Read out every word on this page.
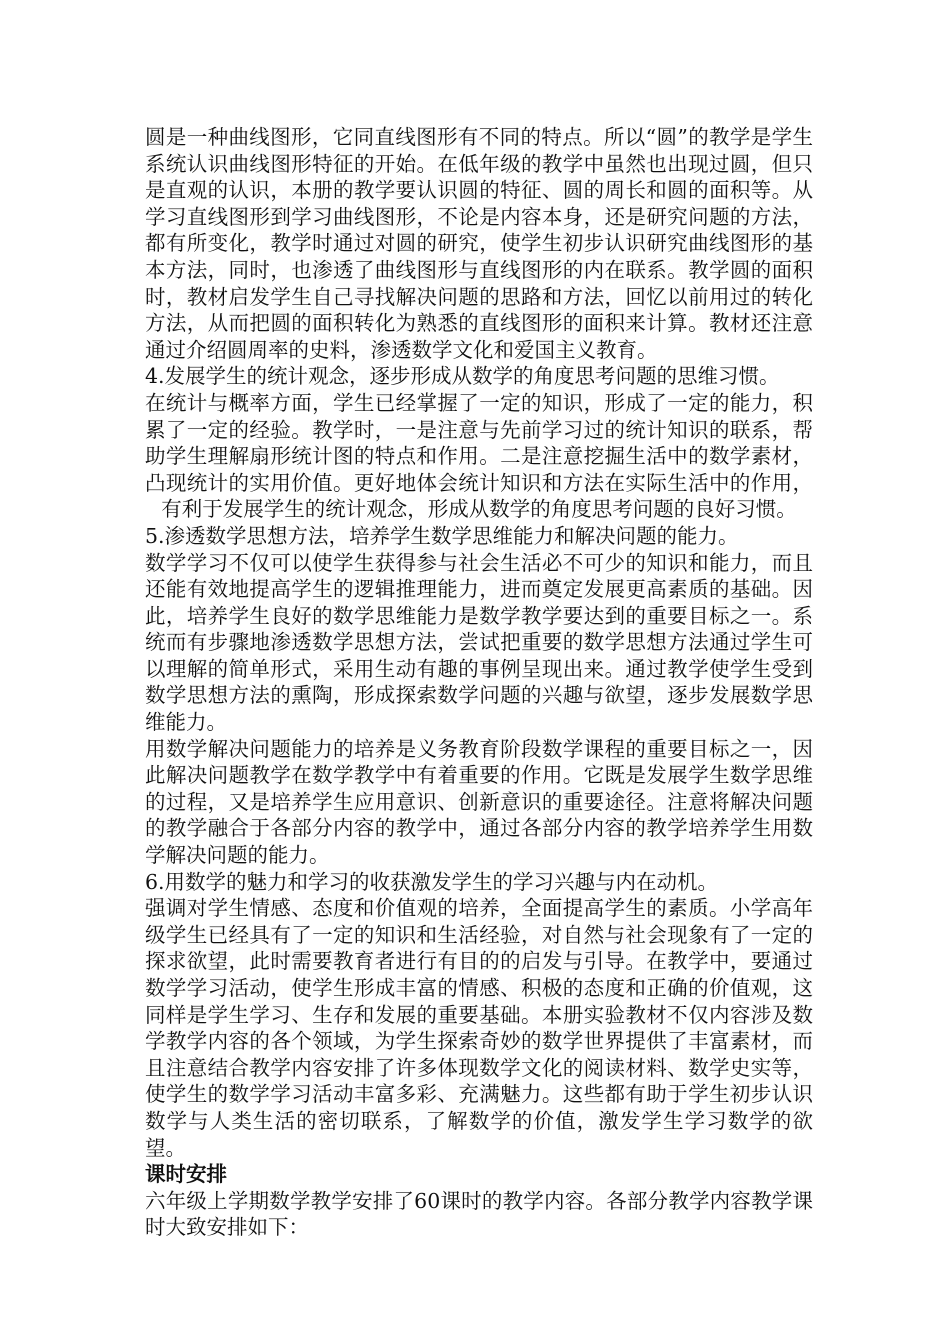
圆是一种曲线图形，它同直线图形有不同的特点。所以“圆”的教学是学生系统认识曲线图形特征的开始。在低年级的教学中虽然也出现过圆，但只是直观的认识，本册的教学要认识圆的特征、圆的周长和圆的面积等。从学习直线图形到学习曲线图形，不论是内容本身，还是研究问题的方法，都有所变化，教学时通过对圆的研究，使学生初步认识研究曲线图形的基本方法，同时，也渗透了曲线图形与直线图形的内在联系。教学圆的面积时，教材启发学生自己寻找解决问题的思路和方法，回忆以前用过的转化方法，从而把圆的面积转化为熟悉的直线图形的面积来计算。教材还注意通过介绍圆周率的史料，渗透数学文化和爱国主义教育。

4.发展学生的统计观念，逐步形成从数学的角度思考问题的思维习惯。

在统计与概率方面，学生已经掌握了一定的知识，形成了一定的能力，积累了一定的经验。教学时，一是注意与先前学习过的统计知识的联系，帮助学生理解扇形统计图的特点和作用。二是注意挖掘生活中的数学素材，凸现统计的实用价值。更好地体会统计知识和方法在实际生活中的作用，有利于发展学生的统计观念，形成从数学的角度思考问题的良好习惯。

5.渗透数学思想方法，培养学生数学思维能力和解决问题的能力。

数学学习不仅可以使学生获得参与社会生活必不可少的知识和能力，而且还能有效地提高学生的逻辑推理能力，进而奠定发展更高素质的基础。因此，培养学生良好的数学思维能力是数学教学要达到的重要目标之一。系统而有步骤地渗透数学思想方法，尝试把重要的数学思想方法通过学生可以理解的简单形式，采用生动有趣的事例呈现出来。通过教学使学生受到数学思想方法的熏陶，形成探索数学问题的兴趣与欲望，逐步发展数学思维能力。

用数学解决问题能力的培养是义务教育阶段数学课程的重要目标之一，因此解决问题教学在数学教学中有着重要的作用。它既是发展学生数学思维的过程，又是培养学生应用意识、创新意识的重要途径。注意将解决问题的教学融合于各部分内容的教学中，通过各部分内容的教学培养学生用数学解决问题的能力。

6.用数学的魅力和学习的收获激发学生的学习兴趣与内在动机。

强调对学生情感、态度和价值观的培养，全面提高学生的素质。小学高年级学生已经具有了一定的知识和生活经验，对自然与社会现象有了一定的探求欲望，此时需要教育者进行有目的的启发与引导。在教学中，要通过数学学习活动，使学生形成丰富的情感、积极的态度和正确的价值观，这同样是学生学习、生存和发展的重要基础。本册实验教材不仅内容涉及数学教学内容的各个领域，为学生探索奇妙的数学世界提供了丰富素材，而且注意结合教学内容安排了许多体现数学文化的阅读材料、数学史实等，使学生的数学学习活动丰富多彩、充满魅力。这些都有助于学生初步认识数学与人类生活的密切联系，了解数学的价值，激发学生学习数学的欲望。

课时安排

六年级上学期数学教学安排了60课时的教学内容。各部分教学内容教学课时大致安排如下：
